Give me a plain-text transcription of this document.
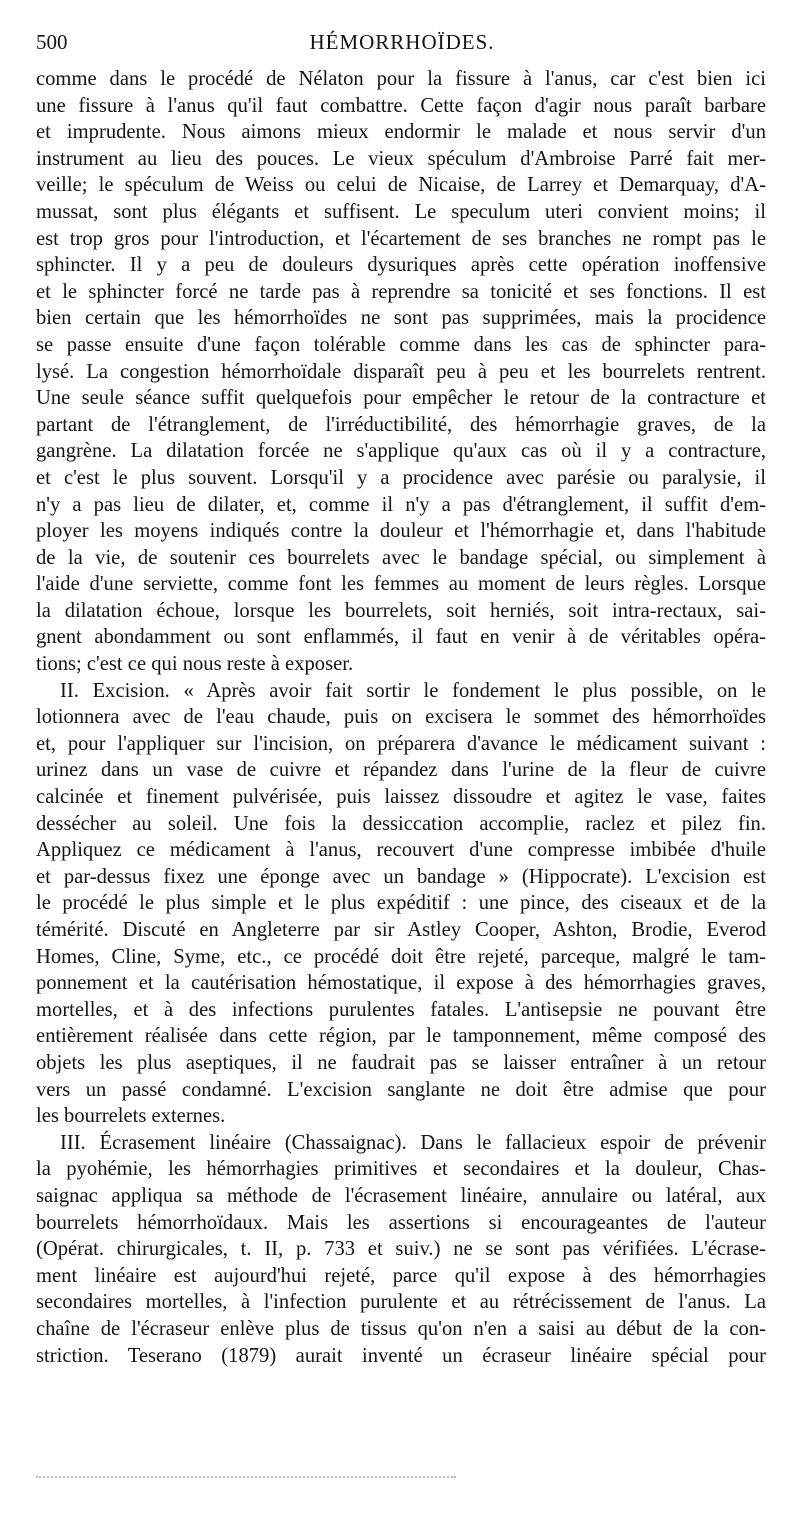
500	HÉMORRHOÏDES.
comme dans le procédé de Nélaton pour la fissure à l'anus, car c'est bien ici
une fissure à l'anus qu'il faut combattre. Cette façon d'agir nous paraît barbare
et imprudente. Nous aimons mieux endormir le malade et nous servir d'un
instrument au lieu des pouces. Le vieux spéculum d'Ambroise Parré fait mer-
veille; le spéculum de Weiss ou celui de Nicaise, de Larrey et Demarquay, d'A-
mussat, sont plus élégants et suffisent. Le speculum uteri convient moins; il
est trop gros pour l'introduction, et l'écartement de ses branches ne rompt pas le
sphincter. Il y a peu de douleurs dysuriques après cette opération inoffensive
et le sphincter forcé ne tarde pas à reprendre sa tonicité et ses fonctions. Il est
bien certain que les hémorrhoïdes ne sont pas supprimées, mais la procidence
se passe ensuite d'une façon tolérable comme dans les cas de sphincter para-
lysé. La congestion hémorrhoïdale disparaît peu à peu et les bourrelets rentrent.
Une seule séance suffit quelquefois pour empêcher le retour de la contracture et
partant de l'étranglement, de l'irréductibilité, des hémorrhagie graves, de la
gangrène. La dilatation forcée ne s'applique qu'aux cas où il y a contracture,
et c'est le plus souvent. Lorsqu'il y a procidence avec parésie ou paralysie, il
n'y a pas lieu de dilater, et, comme il n'y a pas d'étranglement, il suffit d'em-
ployer les moyens indiqués contre la douleur et l'hémorrhagie et, dans l'habitude
de la vie, de soutenir ces bourrelets avec le bandage spécial, ou simplement à
l'aide d'une serviette, comme font les femmes au moment de leurs règles. Lorsque
la dilatation échoue, lorsque les bourrelets, soit herniés, soit intra-rectaux, sai-
gnent abondamment ou sont enflammés, il faut en venir à de véritables opéra-
tions; c'est ce qui nous reste à exposer.
II. Excision. « Après avoir fait sortir le fondement le plus possible, on le
lotionnera avec de l'eau chaude, puis on excisera le sommet des hémorrhoïdes
et, pour l'appliquer sur l'incision, on préparera d'avance le médicament suivant :
urinez dans un vase de cuivre et répandez dans l'urine de la fleur de cuivre
calcinée et finement pulvérisée, puis laissez dissoudre et agitez le vase, faites
dessécher au soleil. Une fois la dessiccation accomplie, raclez et pilez fin.
Appliquez ce médicament à l'anus, recouvert d'une compresse imbibée d'huile
et par-dessus fixez une éponge avec un bandage » (Hippocrate). L'excision est
le procédé le plus simple et le plus expéditif : une pince, des ciseaux et de la
témérité. Discuté en Angleterre par sir Astley Cooper, Ashton, Brodie, Everod
Homes, Cline, Syme, etc., ce procédé doit être rejeté, parceque, malgré le tam-
ponnement et la cautérisation hémostatique, il expose à des hémorrhagies graves,
mortelles, et à des infections purulentes fatales. L'antisepsie ne pouvant être
entièrement réalisée dans cette région, par le tamponnement, même composé des
objets les plus aseptiques, il ne faudrait pas se laisser entraîner à un retour
vers un passé condamné. L'excision sanglante ne doit être admise que pour
les bourrelets externes.
III. Écrasement linéaire (Chassaignac). Dans le fallacieux espoir de prévenir
la pyohémie, les hémorrhagies primitives et secondaires et la douleur, Chas-
saignac appliqua sa méthode de l'écrasement linéaire, annulaire ou latéral, aux
bourrelets hémorrhoïdaux. Mais les assertions si encourageantes de l'auteur
(Opérat. chirurgicales, t. II, p. 733 et suiv.) ne se sont pas vérifiées. L'écrase-
ment linéaire est aujourd'hui rejeté, parce qu'il expose à des hémorrhagies
secondaires mortelles, à l'infection purulente et au rétrécissement de l'anus. La
chaîne de l'écraseur enlève plus de tissus qu'on n'en a saisi au début de la con-
striction. Teserano (1879) aurait inventé un écraseur linéaire spécial pour
